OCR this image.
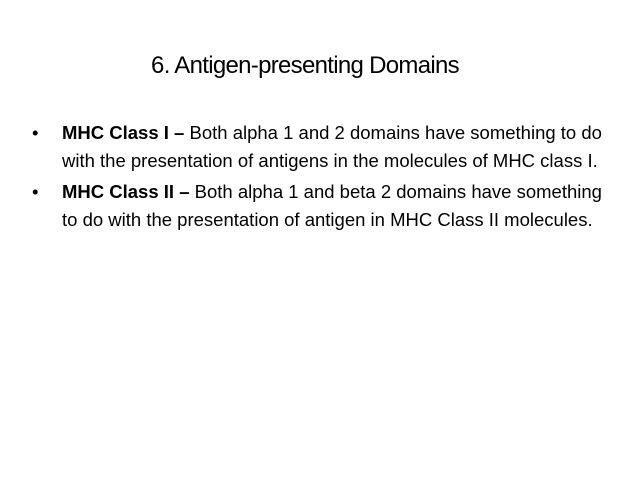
6. Antigen-presenting Domains
• MHC Class I – Both alpha 1 and 2 domains have something to do with the presentation of antigens in the molecules of MHC class I.
• MHC Class II – Both alpha 1 and beta 2 domains have something to do with the presentation of antigen in MHC Class II molecules.
